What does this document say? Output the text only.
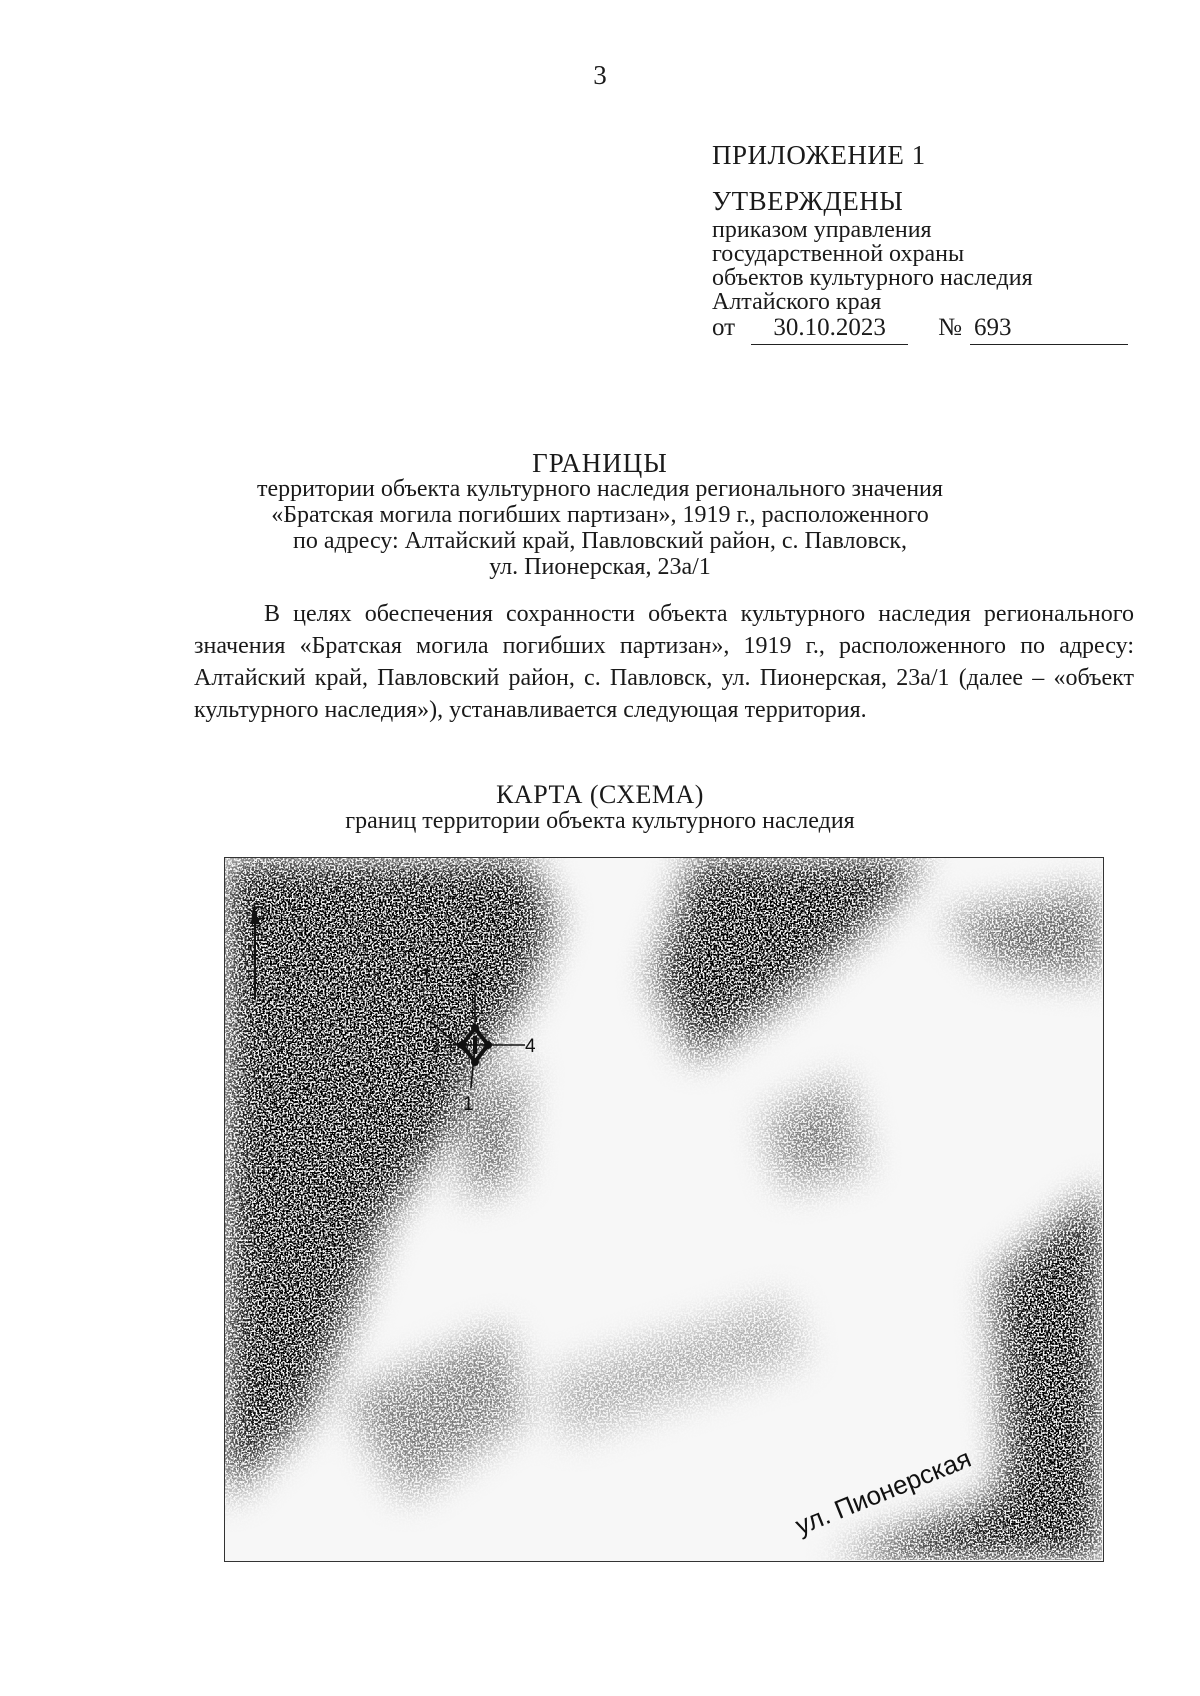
3
ПРИЛОЖЕНИЕ 1
УТВЕРЖДЕНЫ
приказом управления
государственной охраны
объектов культурного наследия
Алтайского края
от 30.10.2023 № 693
ГРАНИЦЫ
территории объекта культурного наследия регионального значения
«Братская могила погибших партизан», 1919 г., расположенного
по адресу: Алтайский край, Павловский район, с. Павловск,
ул. Пионерская, 23а/1
В целях обеспечения сохранности объекта культурного наследия регионального значения «Братская могила погибших партизан», 1919 г., расположенного по адресу: Алтайский край, Павловский район, с. Павловск, ул. Пионерская, 23а/1 (далее – «объект культурного наследия»), устанавливается следующая территория.
КАРТА (СХЕМА)
границ территории объекта культурного наследия
С
Т 3
2	4
1
ул. Пионерская
